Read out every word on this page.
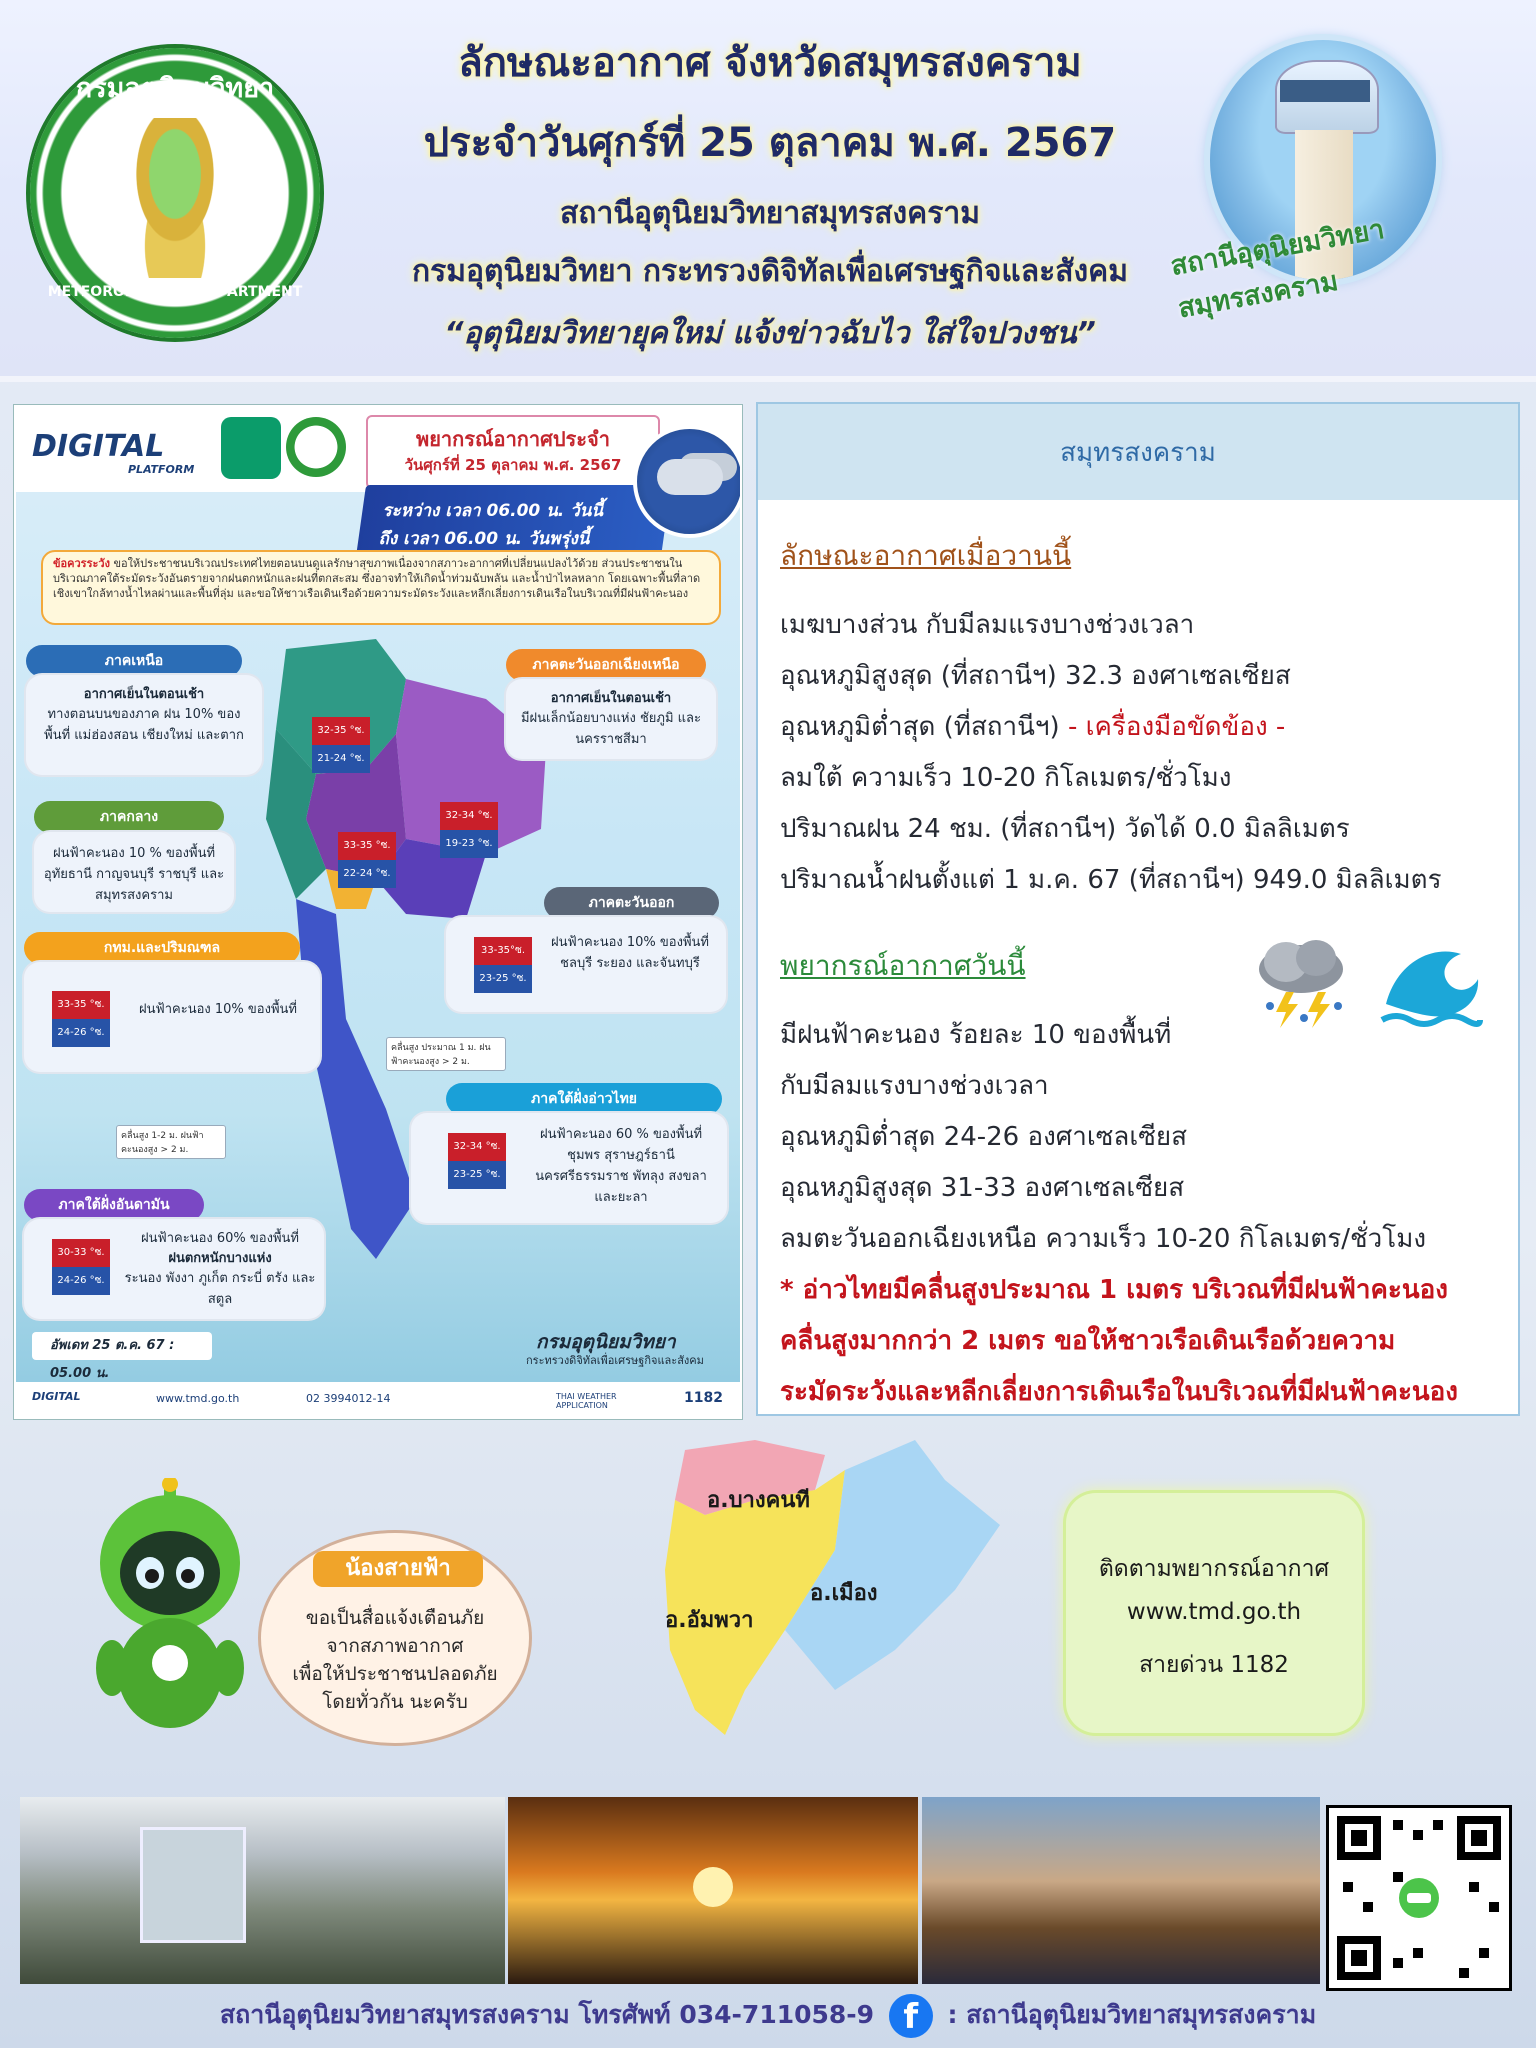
กรมอุตุนิยมวิทยา
METEOROLOGICAL DEPARTMENT
ลักษณะอากาศ จังหวัดสมุทรสงคราม
ประจำวันศุกร์ที่ 25 ตุลาคม พ.ศ. 2567
สถานีอุตุนิยมวิทยาสมุทรสงคราม
กรมอุตุนิยมวิทยา กระทรวงดิจิทัลเพื่อเศรษฐกิจและสังคม
“อุตุนิยมวิทยายุคใหม่ แจ้งข่าวฉับไว ใส่ใจปวงชน”
สถานีอุตุนิยมวิทยาสมุทรสงคราม
DIGITAL
PLATFORM
พยากรณ์อากาศประจำ
วันศุกร์ที่ 25 ตุลาคม พ.ศ. 2567
ระหว่าง เวลา 06.00 น. วันนี้
ถึง เวลา 06.00 น. วันพรุ่งนี้
ข้อควรระวัง ขอให้ประชาชนบริเวณประเทศไทยตอนบนดูแลรักษาสุขภาพเนื่องจากสภาวะอากาศที่เปลี่ยนแปลงไว้ด้วย ส่วนประชาชนในบริเวณภาคใต้ระมัดระวังอันตรายจากฝนตกหนักและฝนที่ตกสะสม ซึ่งอาจทำให้เกิดน้ำท่วมฉับพลัน และน้ำป่าไหลหลาก โดยเฉพาะพื้นที่ลาดเชิงเขาใกล้ทางน้ำไหลผ่านและพื้นที่ลุ่ม และขอให้ชาวเรือเดินเรือด้วยความระมัดระวังและหลีกเลี่ยงการเดินเรือในบริเวณที่มีฝนฟ้าคะนอง
ภาคเหนือ
อากาศเย็นในตอนเช้า
ทางตอนบนของภาค ฝน 10% ของพื้นที่ แม่ฮ่องสอน เชียงใหม่ และตาก	32-35 °ซ.
21-24 °ซ.
ภาคตะวันออกเฉียงเหนือ
อากาศเย็นในตอนเช้า
มีฝนเล็กน้อยบางแห่ง ชัยภูมิ และนครราชสีมา
32-34 °ซ.
19-23 °ซ.
ภาคกลาง
ฝนฟ้าคะนอง 10 % ของพื้นที่ อุทัยธานี กาญจนบุรี ราชบุรี และสมุทรสงคราม
33-35 °ซ.
22-24 °ซ.
ภาคตะวันออก
ฝนฟ้าคะนอง 10% ของพื้นที่ ชลบุรี ระยอง และจันทบุรี
33-35°ซ.
23-25 °ซ.
กทม.และปริมณฑล
ฝนฟ้าคะนอง 10% ของพื้นที่
33-35 °ซ.
24-26 °ซ.
คลื่นสูง ประมาณ 1 ม. ฝนฟ้าคะนองสูง > 2 ม.
คลื่นสูง 1-2 ม. ฝนฟ้าคะนองสูง > 2 ม.
ภาคใต้ฝั่งอ่าวไทย
ฝนฟ้าคะนอง 60 % ของพื้นที่ ชุมพร สุราษฎร์ธานี นครศรีธรรมราช พัทลุง สงขลา และยะลา
32-34 °ซ.
23-25 °ซ.
ภาคใต้ฝั่งอันดามัน
ฝนฟ้าคะนอง 60% ของพื้นที่
ฝนตกหนักบางแห่ง
ระนอง พังงา ภูเก็ต กระบี่ ตรัง และสตูล
30-33 °ซ.
24-26 °ซ.
อัพเดท 25 ต.ค. 67 : 05.00 น.
กรมอุตุนิยมวิทยา
กระทรวงดิจิทัลเพื่อเศรษฐกิจและสังคม
DIGITAL	www.tmd.go.th	02 3994012-14	THAI WEATHER APPLICATION	1182
สมุทรสงคราม
ลักษณะอากาศเมื่อวานนี้
เมฆบางส่วน กับมีลมแรงบางช่วงเวลา
อุณหภูมิสูงสุด (ที่สถานีฯ) 32.3 องศาเซลเซียส
อุณหภูมิต่ำสุด (ที่สถานีฯ) - เครื่องมือขัดข้อง -
ลมใต้ ความเร็ว 10-20 กิโลเมตร/ชั่วโมง
ปริมาณฝน 24 ชม. (ที่สถานีฯ) วัดได้ 0.0 มิลลิเมตร
ปริมาณน้ำฝนตั้งแต่ 1 ม.ค. 67 (ที่สถานีฯ) 949.0 มิลลิเมตร
พยากรณ์อากาศวันนี้
มีฝนฟ้าคะนอง ร้อยละ 10 ของพื้นที่
กับมีลมแรงบางช่วงเวลา
อุณหภูมิต่ำสุด 24-26 องศาเซลเซียส
อุณหภูมิสูงสุด 31-33 องศาเซลเซียส
ลมตะวันออกเฉียงเหนือ ความเร็ว 10-20 กิโลเมตร/ชั่วโมง
* อ่าวไทยมีคลื่นสูงประมาณ 1 เมตร บริเวณที่มีฝนฟ้าคะนอง
คลื่นสูงมากกว่า 2 เมตร ขอให้ชาวเรือเดินเรือด้วยความ
ระมัดระวังและหลีกเลี่ยงการเดินเรือในบริเวณที่มีฝนฟ้าคะนอง
น้องสายฟ้า
ขอเป็นสื่อแจ้งเตือนภัย
จากสภาพอากาศ
เพื่อให้ประชาชนปลอดภัย
โดยทั่วกัน นะครับ
อ.บางคนที
อ.อัมพวา
อ.เมือง
ติดตามพยากรณ์อากาศ
www.tmd.go.th
สายด่วน 1182
สถานีอุตุนิยมวิทยาสมุทรสงคราม โทรศัพท์ 034-711058-9 f : สถานีอุตุนิยมวิทยาสมุทรสงคราม
